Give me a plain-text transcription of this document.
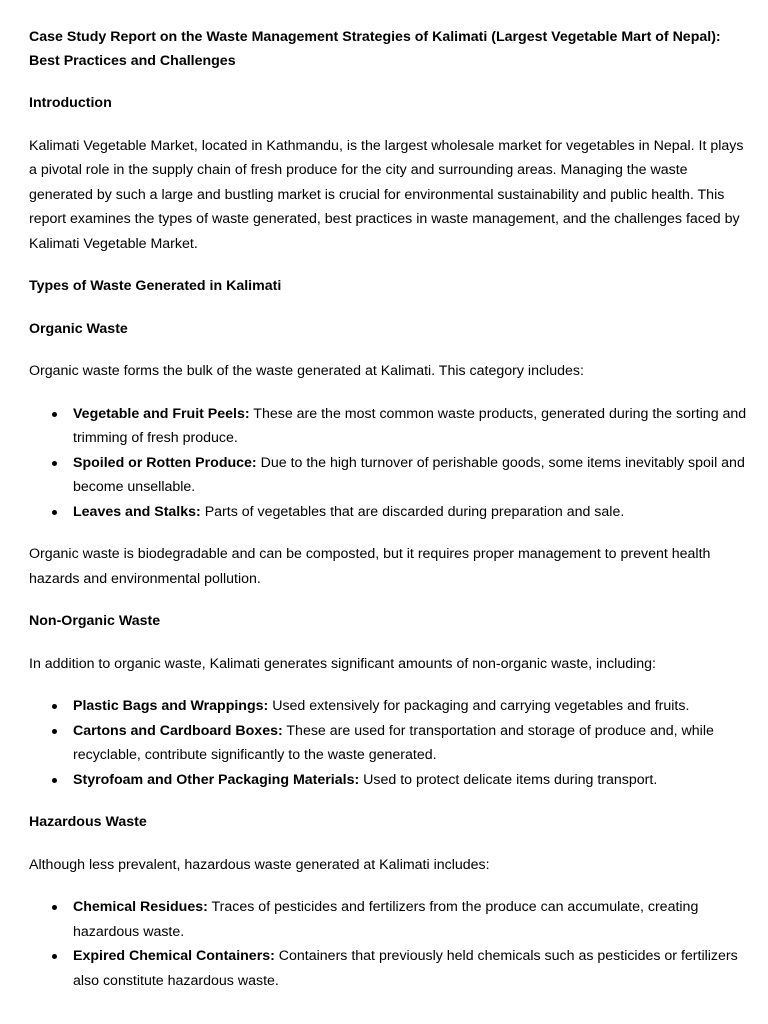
Case Study Report on the Waste Management Strategies of Kalimati (Largest Vegetable Mart of Nepal): Best Practices and Challenges
Introduction

Kalimati Vegetable Market, located in Kathmandu, is the largest wholesale market for vegetables in Nepal. It plays a pivotal role in the supply chain of fresh produce for the city and surrounding areas. Managing the waste generated by such a large and bustling market is crucial for environmental sustainability and public health. This report examines the types of waste generated, best practices in waste management, and the challenges faced by Kalimati Vegetable Market.

Types of Waste Generated in Kalimati
Organic Waste

Organic waste forms the bulk of the waste generated at Kalimati. This category includes:

Vegetable and Fruit Peels: These are the most common waste products, generated during the sorting and trimming of fresh produce.
Spoiled or Rotten Produce: Due to the high turnover of perishable goods, some items inevitably spoil and become unsellable.
Leaves and Stalks: Parts of vegetables that are discarded during preparation and sale.

Organic waste is biodegradable and can be composted, but it requires proper management to prevent health hazards and environmental pollution.

Non-Organic Waste

In addition to organic waste, Kalimati generates significant amounts of non-organic waste, including:

Plastic Bags and Wrappings: Used extensively for packaging and carrying vegetables and fruits.
Cartons and Cardboard Boxes: These are used for transportation and storage of produce and, while recyclable, contribute significantly to the waste generated.
Styrofoam and Other Packaging Materials: Used to protect delicate items during transport.
Hazardous Waste

Although less prevalent, hazardous waste generated at Kalimati includes:

Chemical Residues: Traces of pesticides and fertilizers from the produce can accumulate, creating hazardous waste.
Expired Chemical Containers: Containers that previously held chemicals such as pesticides or fertilizers also constitute hazardous waste.
